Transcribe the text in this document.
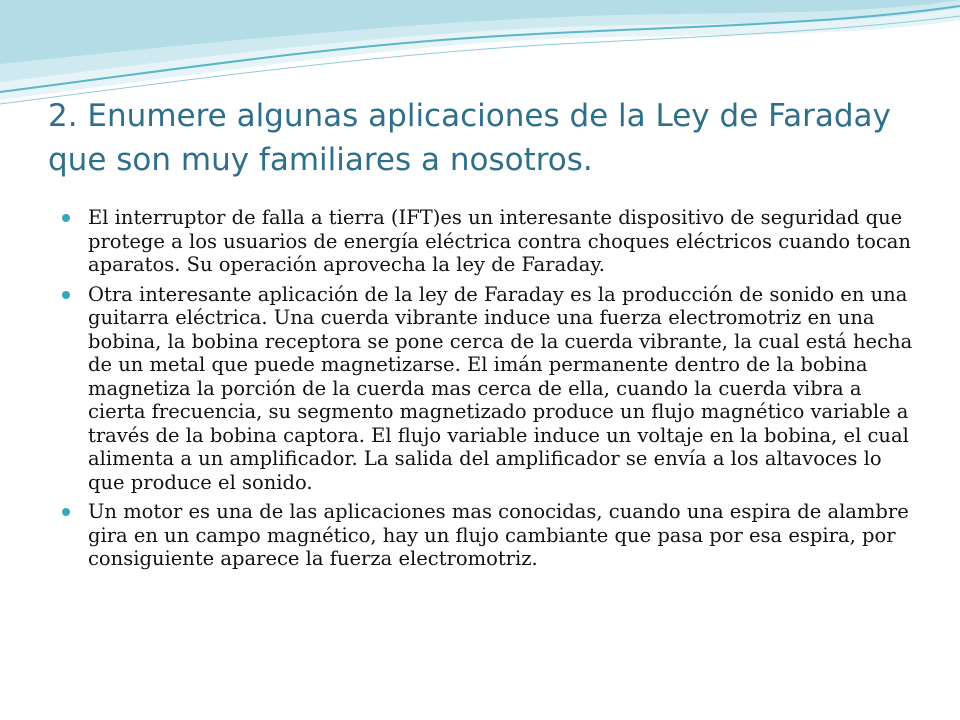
2. Enumere algunas aplicaciones de la Ley de Faraday que son muy familiares a nosotros.
El interruptor de falla a tierra (IFT)es un interesante dispositivo de seguridad que protege a los usuarios de energía eléctrica contra choques eléctricos cuando tocan aparatos. Su operación aprovecha la ley de Faraday.
Otra interesante aplicación de la ley de Faraday es la producción de sonido en una guitarra eléctrica. Una cuerda vibrante induce una fuerza electromotriz en una bobina, la bobina receptora se pone cerca de la cuerda vibrante, la cual está hecha de un metal que puede magnetizarse. El imán permanente dentro de la bobina magnetiza la porción de la cuerda mas cerca de ella, cuando la cuerda vibra a cierta frecuencia, su segmento magnetizado produce un flujo magnético variable a través de la bobina captora. El flujo variable induce un voltaje en la bobina, el cual alimenta a un amplificador. La salida del amplificador se envía a los altavoces lo que produce el sonido.
Un motor es una de las aplicaciones mas conocidas, cuando una espira de alambre gira en un campo magnético, hay un flujo cambiante que pasa por esa espira, por consiguiente aparece la fuerza electromotriz.
